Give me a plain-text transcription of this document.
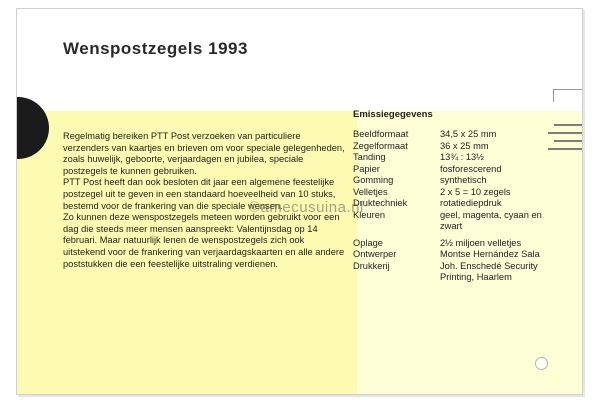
Wenspostzegels 1993

Regelmatig bereiken PTT Post verzoeken van particuliere verzenders van kaartjes en brieven om voor speciale gelegenheden, zoals huwelijk, geboorte, verjaardagen en jubilea, speciale postzegels te kunnen gebruiken.

PTT Post heeft dan ook besloten dit jaar een algemene feestelijke postzegel uit te geven in een standaard hoeveelheid van 10 stuks, bestemd voor de frankering van die speciale wensen.

Zo kunnen deze wenspostzegels meteen worden gebruikt voor een dag die steeds meer mensen aanspreekt: Valentijnsdag op 14 februari. Maar natuurlijk lenen de wenspostzegels zich ook uitstekend voor de frankering van verjaardagskaarten en alle andere poststukken die een feestelijke uitstraling verdienen.

Emissiegegevens
Beeldformaat	34,5 x 25 mm
Zegelformaat	36 x 25 mm
Tanding	13¾ : 13½
Papier	fosforescerend
Gomming	synthetisch
Velletjes	2 x 5 = 10 zegels
Druktechniek	rotatiediepdruk
Kleuren	geel, magenta, cyaan en zwart
Oplage	2½ miljoen velletjes
Ontwerper	Montse Hernández Sala
Drukkerij	Joh. Enschedé Security Printing, Haarlem
©amecusuina.nl
